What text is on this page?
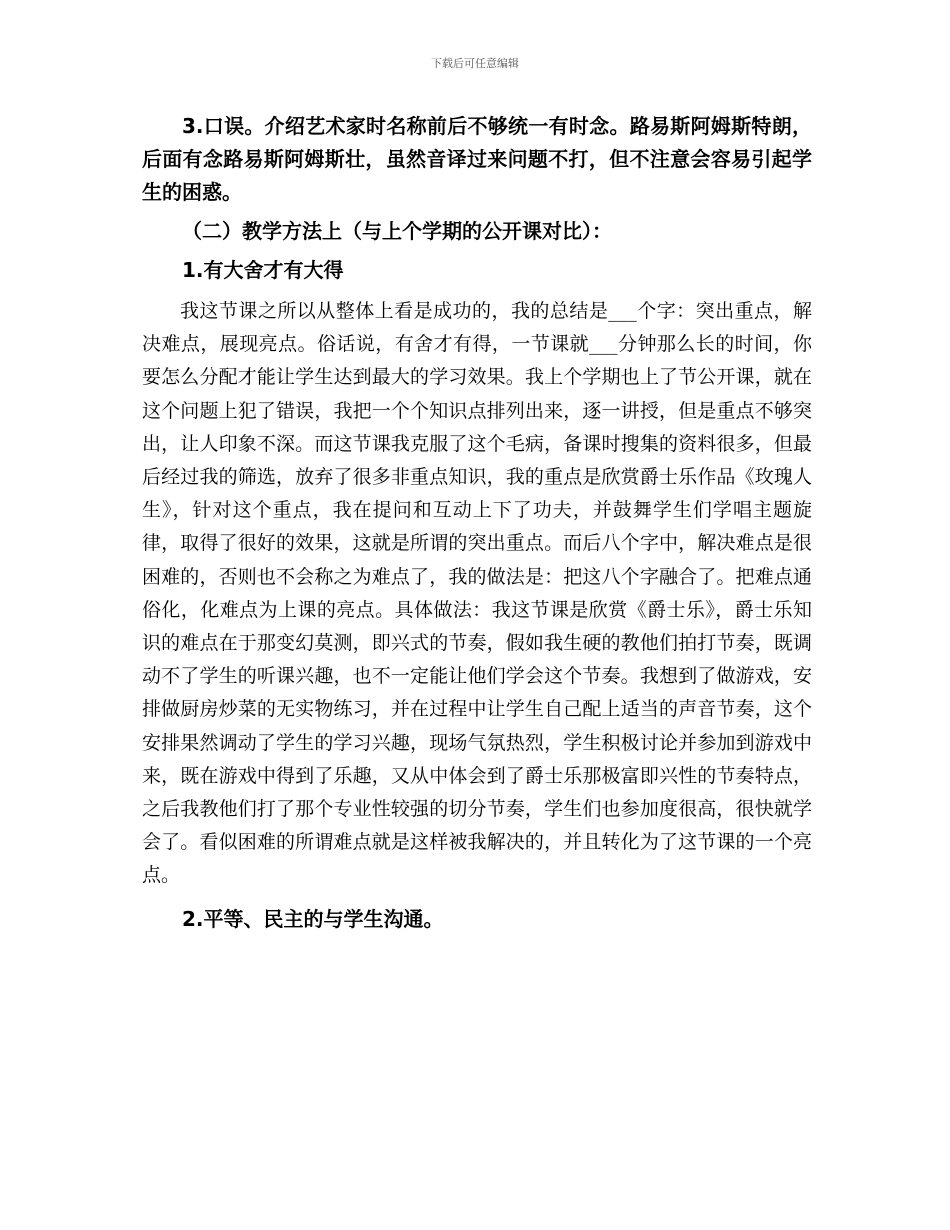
下载后可任意编辑

3.口误。介绍艺术家时名称前后不够统一有时念。路易斯阿姆斯特朗，后面有念路易斯阿姆斯壮，虽然音译过来问题不打，但不注意会容易引起学生的困惑。

（二）教学方法上（与上个学期的公开课对比）：

1.有大舍才有大得

我这节课之所以从整体上看是成功的，我的总结是___个字：突出重点，解决难点，展现亮点。俗话说，有舍才有得，一节课就___分钟那么长的时间，你要怎么分配才能让学生达到最大的学习效果。我上个学期也上了节公开课，就在这个问题上犯了错误，我把一个个知识点排列出来，逐一讲授，但是重点不够突出，让人印象不深。而这节课我克服了这个毛病，备课时搜集的资料很多，但最后经过我的筛选，放弃了很多非重点知识，我的重点是欣赏爵士乐作品《玫瑰人生》，针对这个重点，我在提问和互动上下了功夫，并鼓舞学生们学唱主题旋律，取得了很好的效果，这就是所谓的突出重点。而后八个字中，解决难点是很困难的，否则也不会称之为难点了，我的做法是：把这八个字融合了。把难点通俗化，化难点为上课的亮点。具体做法：我这节课是欣赏《爵士乐》，爵士乐知识的难点在于那变幻莫测，即兴式的节奏，假如我生硬的教他们拍打节奏，既调动不了学生的听课兴趣，也不一定能让他们学会这个节奏。我想到了做游戏，安排做厨房炒菜的无实物练习，并在过程中让学生自己配上适当的声音节奏，这个安排果然调动了学生的学习兴趣，现场气氛热烈，学生积极讨论并参加到游戏中来，既在游戏中得到了乐趣，又从中体会到了爵士乐那极富即兴性的节奏特点，之后我教他们打了那个专业性较强的切分节奏，学生们也参加度很高，很快就学会了。看似困难的所谓难点就是这样被我解决的，并且转化为了这节课的一个亮点。

2.平等、民主的与学生沟通。
